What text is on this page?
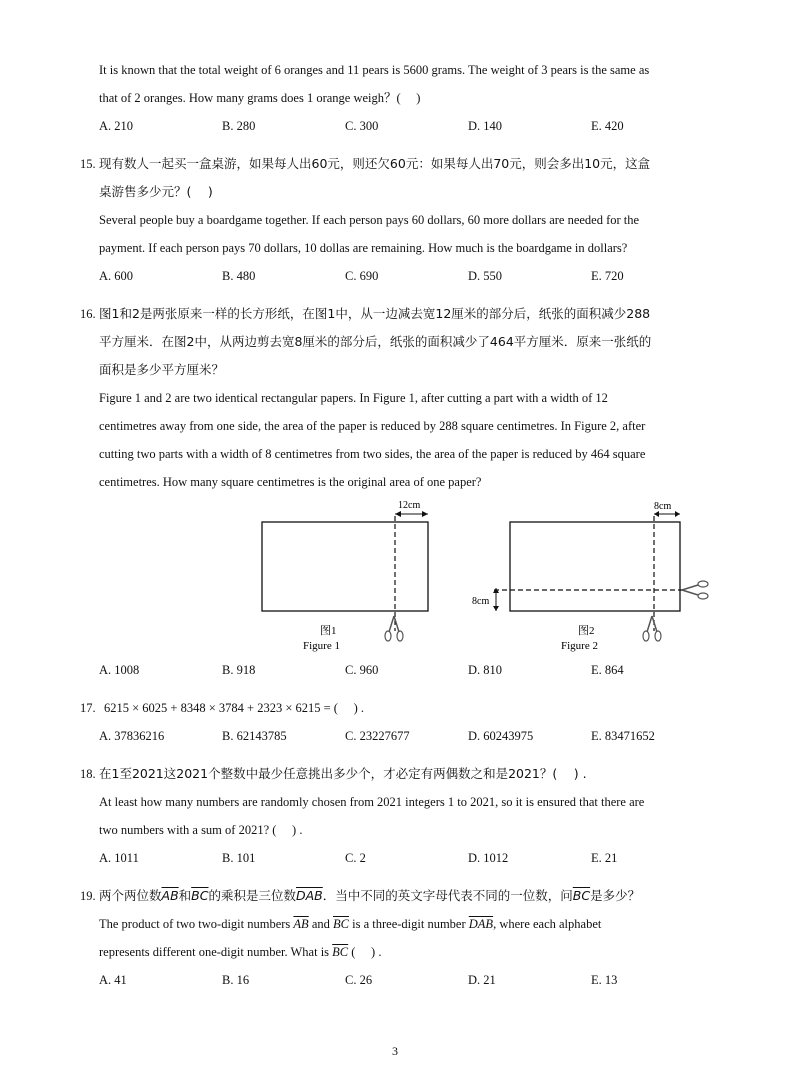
It is known that the total weight of 6 oranges and 11 pears is 5600 grams. The weight of 3 pears is the same as
that of 2 oranges. How many grams does 1 orange weigh？(　 )
A. 210	B. 280	C. 300	D. 140	E. 420
15. 现有数人一起买一盒桌游，如果每人出60元，则还欠60元：如果每人出70元，则会多出10元，这盒
桌游售多少元？(　 )
Several people buy a boardgame together. If each person pays 60 dollars, 60 more dollars are needed for the
payment. If each person pays 70 dollars, 10 dollas are remaining. How much is the boardgame in dollars?
A. 600	B. 480	C. 690	D. 550	E. 720
16. 图1和2是两张原来一样的长方形纸，在图1中，从一边减去宽12厘米的部分后，纸张的面积减少288
平方厘米．在图2中，从两边剪去宽8厘米的部分后，纸张的面积减少了464平方厘米．原来一张纸的
面积是多少平方厘米？
Figure 1 and 2 are two identical rectangular papers. In Figure 1, after cutting a part with a width of 12
centimetres away from one side, the area of the paper is reduced by 288 square centimetres. In Figure 2, after
cutting two parts with a width of 8 centimetres from two sides, the area of the paper is reduced by 464 square
centimetres. How many square centimetres is the original area of one paper?
12cm
图1
Figure 1
8cm
8cm
图2
Figure 2
A. 1008	B. 918	C. 960	D. 810	E. 864
17. 6215 × 6025 + 8348 × 3784 + 2323 × 6215 = (　 ) .
A. 37836216	B. 62143785	C. 23227677	D. 60243975	E. 83471652
18. 在1至2021这2021个整数中最少任意挑出多少个，才必定有两偶数之和是2021？(　 ) .
At least how many numbers are randomly chosen from 2021 integers 1 to 2021, so it is ensured that there are
two numbers with a sum of 2021? (　 ) .
A. 1011	B. 101	C. 2	D. 1012	E. 21
19. 两个两位数$\overline{AB}$和$\overline{BC}$的乘积是三位数$\overline{DAB}$．当中不同的英文字母代表不同的一位数，问$\overline{BC}$是多少？
The product of two two-digit numbers $\overline{AB}$ and $\overline{BC}$ is a three-digit number $\overline{DAB}$, where each alphabet
represents different one-digit number. What is $\overline{BC}$ (　 ) .
A. 41	B. 16	C. 26	D. 21	E. 13
3
